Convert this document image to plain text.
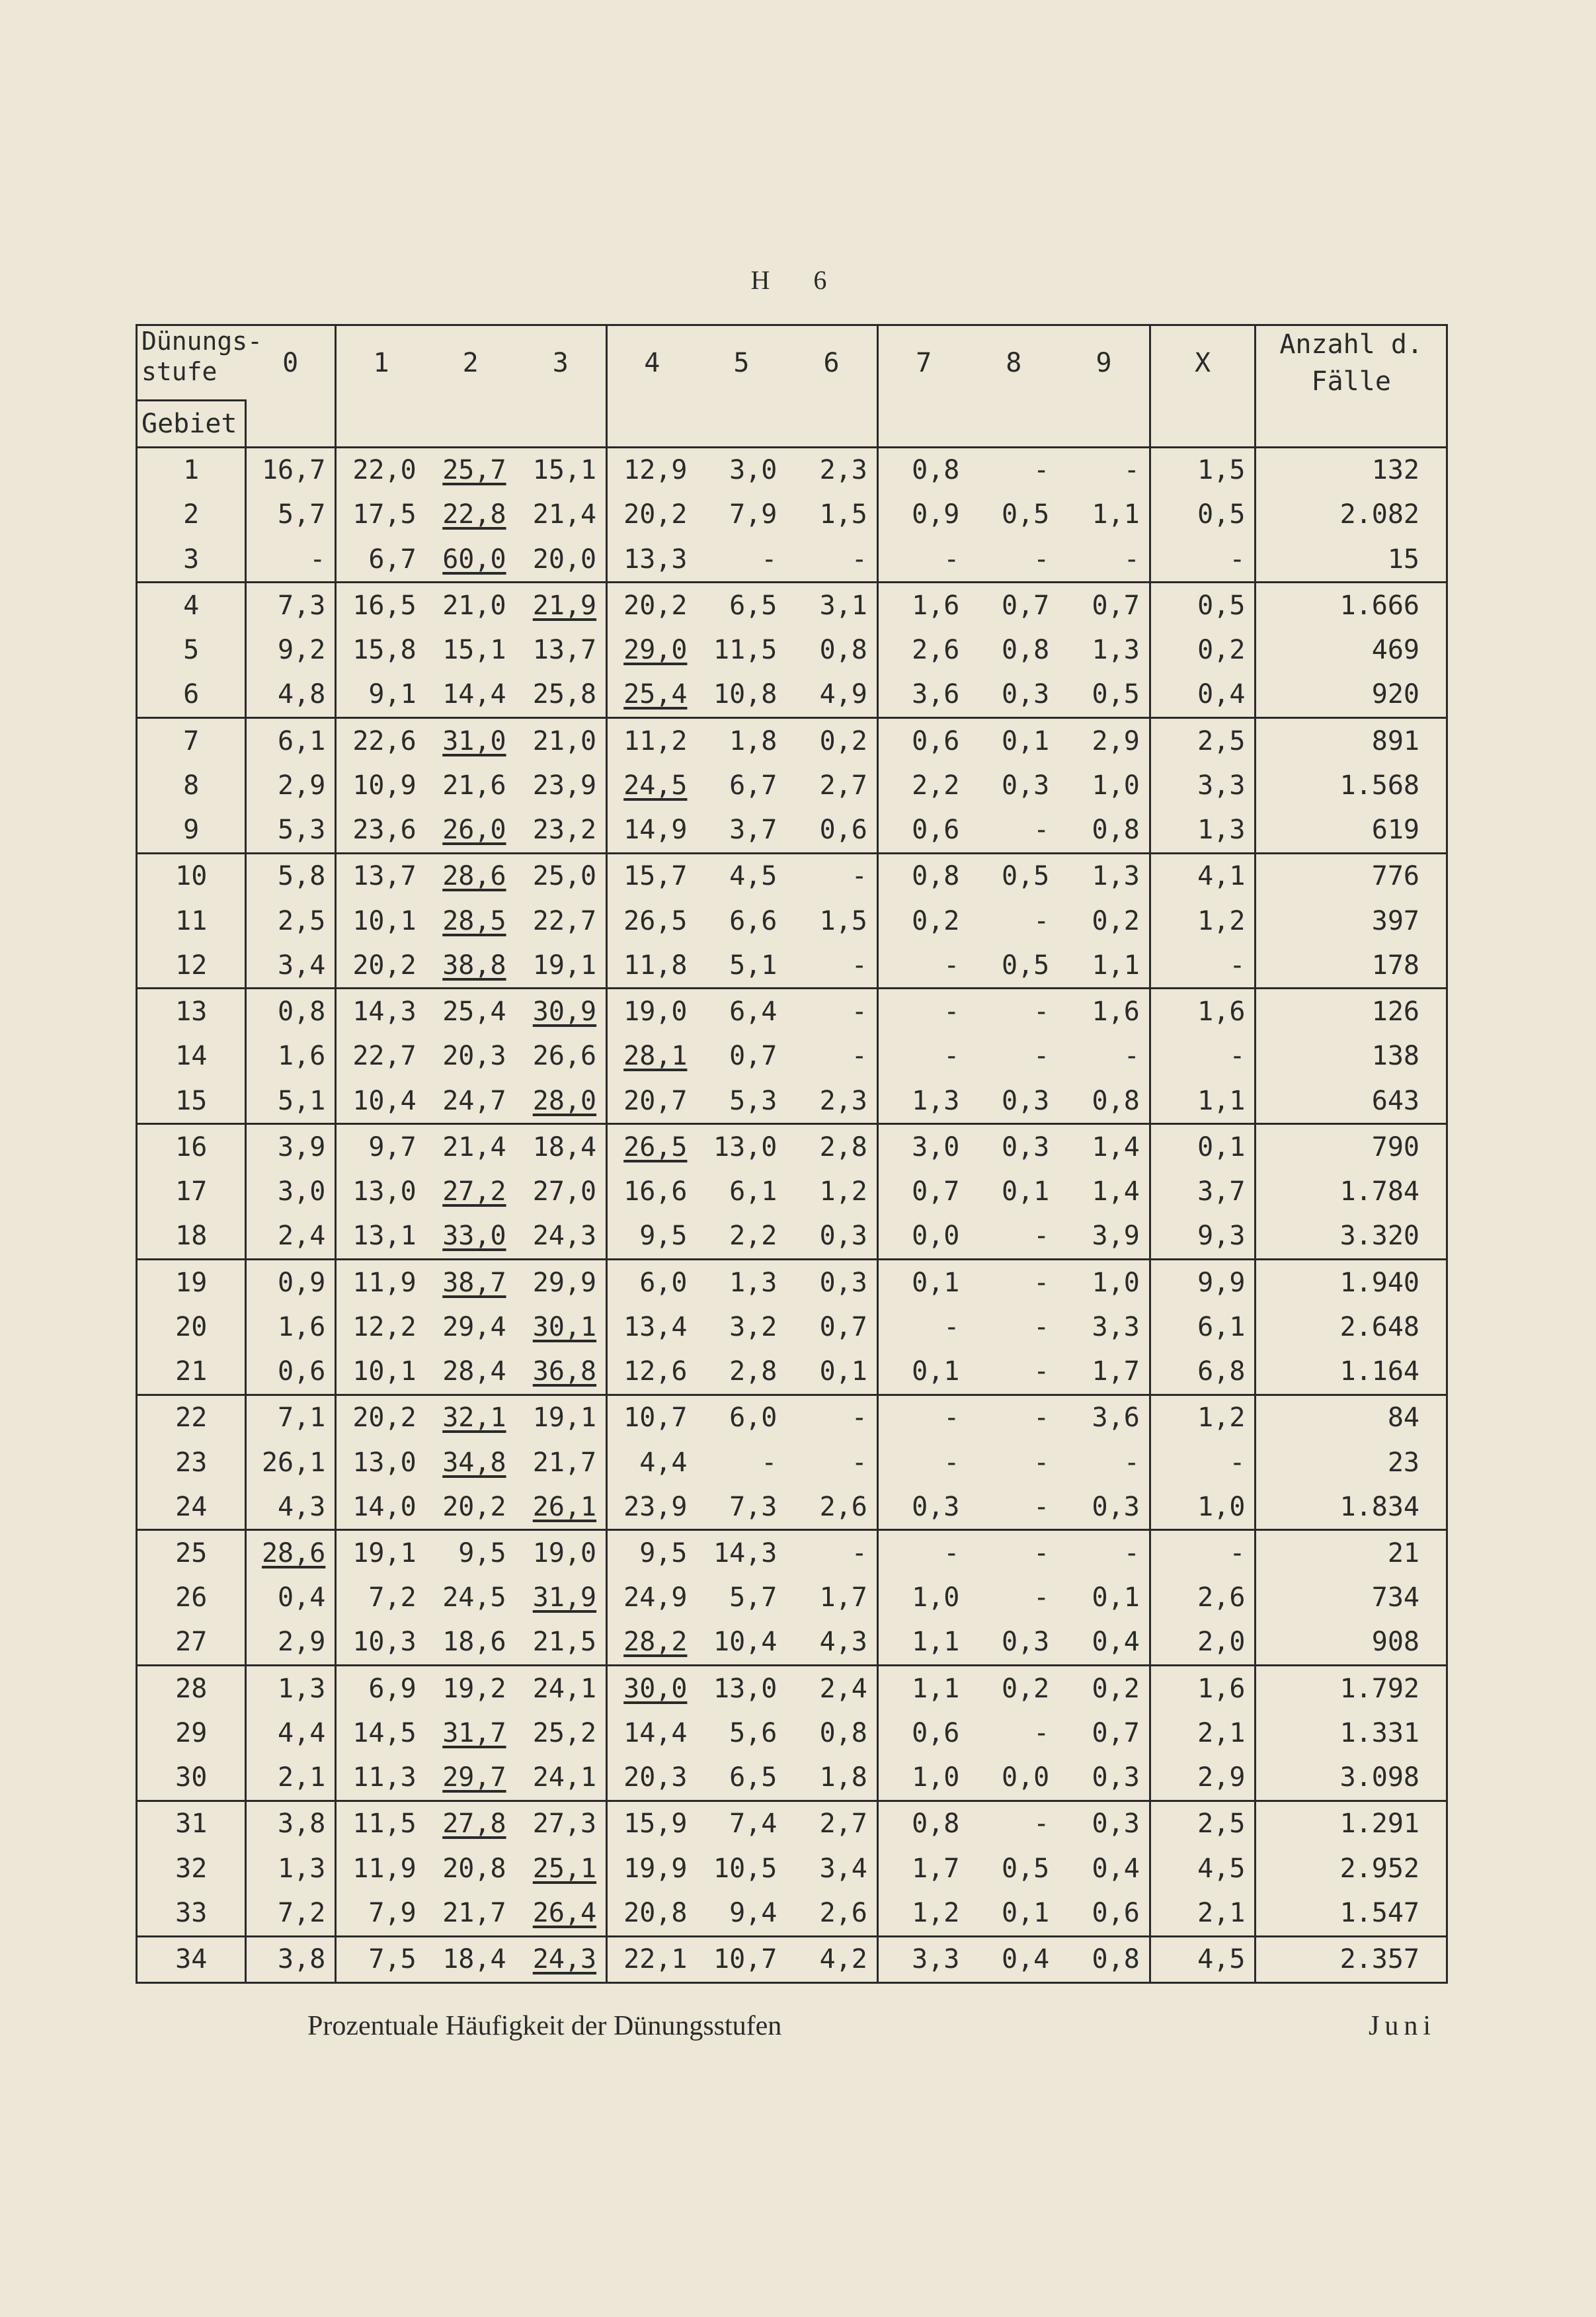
H 6
Dünungs-
stufe	0	1	2	3	4	5	6	7	8	9	X	Anzahl d.
Fälle
Gebiet												
1	16,7	22,0	25,7	15,1	12,9	3,0	2,3	0,8	-	-	1,5	132
2	5,7	17,5	22,8	21,4	20,2	7,9	1,5	0,9	0,5	1,1	0,5	2.082
3	-	6,7	60,0	20,0	13,3	-	-	-	-	-	-	15
4	7,3	16,5	21,0	21,9	20,2	6,5	3,1	1,6	0,7	0,7	0,5	1.666
5	9,2	15,8	15,1	13,7	29,0	11,5	0,8	2,6	0,8	1,3	0,2	469
6	4,8	9,1	14,4	25,8	25,4	10,8	4,9	3,6	0,3	0,5	0,4	920
7	6,1	22,6	31,0	21,0	11,2	1,8	0,2	0,6	0,1	2,9	2,5	891
8	2,9	10,9	21,6	23,9	24,5	6,7	2,7	2,2	0,3	1,0	3,3	1.568
9	5,3	23,6	26,0	23,2	14,9	3,7	0,6	0,6	-	0,8	1,3	619
10	5,8	13,7	28,6	25,0	15,7	4,5	-	0,8	0,5	1,3	4,1	776
11	2,5	10,1	28,5	22,7	26,5	6,6	1,5	0,2	-	0,2	1,2	397
12	3,4	20,2	38,8	19,1	11,8	5,1	-	-	0,5	1,1	-	178
13	0,8	14,3	25,4	30,9	19,0	6,4	-	-	-	1,6	1,6	126
14	1,6	22,7	20,3	26,6	28,1	0,7	-	-	-	-	-	138
15	5,1	10,4	24,7	28,0	20,7	5,3	2,3	1,3	0,3	0,8	1,1	643
16	3,9	9,7	21,4	18,4	26,5	13,0	2,8	3,0	0,3	1,4	0,1	790
17	3,0	13,0	27,2	27,0	16,6	6,1	1,2	0,7	0,1	1,4	3,7	1.784
18	2,4	13,1	33,0	24,3	9,5	2,2	0,3	0,0	-	3,9	9,3	3.320
19	0,9	11,9	38,7	29,9	6,0	1,3	0,3	0,1	-	1,0	9,9	1.940
20	1,6	12,2	29,4	30,1	13,4	3,2	0,7	-	-	3,3	6,1	2.648
21	0,6	10,1	28,4	36,8	12,6	2,8	0,1	0,1	-	1,7	6,8	1.164
22	7,1	20,2	32,1	19,1	10,7	6,0	-	-	-	3,6	1,2	84
23	26,1	13,0	34,8	21,7	4,4	-	-	-	-	-	-	23
24	4,3	14,0	20,2	26,1	23,9	7,3	2,6	0,3	-	0,3	1,0	1.834
25	28,6	19,1	9,5	19,0	9,5	14,3	-	-	-	-	-	21
26	0,4	7,2	24,5	31,9	24,9	5,7	1,7	1,0	-	0,1	2,6	734
27	2,9	10,3	18,6	21,5	28,2	10,4	4,3	1,1	0,3	0,4	2,0	908
28	1,3	6,9	19,2	24,1	30,0	13,0	2,4	1,1	0,2	0,2	1,6	1.792
29	4,4	14,5	31,7	25,2	14,4	5,6	0,8	0,6	-	0,7	2,1	1.331
30	2,1	11,3	29,7	24,1	20,3	6,5	1,8	1,0	0,0	0,3	2,9	3.098
31	3,8	11,5	27,8	27,3	15,9	7,4	2,7	0,8	-	0,3	2,5	1.291
32	1,3	11,9	20,8	25,1	19,9	10,5	3,4	1,7	0,5	0,4	4,5	2.952
33	7,2	7,9	21,7	26,4	20,8	9,4	2,6	1,2	0,1	0,6	2,1	1.547
34	3,8	7,5	18,4	24,3	22,1	10,7	4,2	3,3	0,4	0,8	4,5	2.357
Prozentuale Häufigkeit der Dünungsstufen	Juni
